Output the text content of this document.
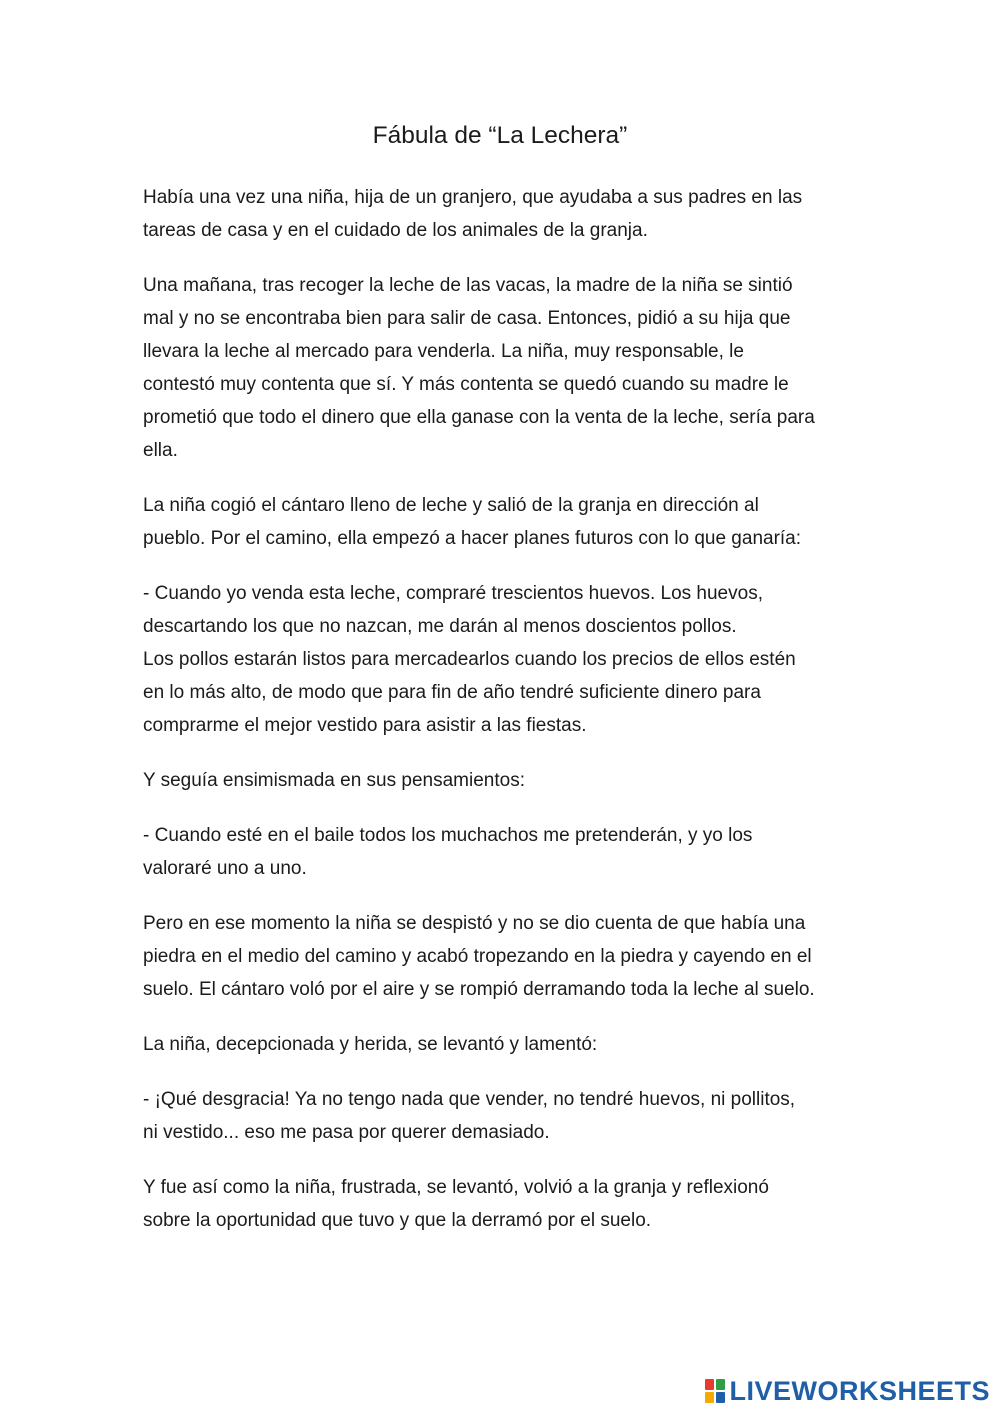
Fábula de “La Lechera”

Había una vez una niña, hija de un granjero, que ayudaba a sus padres en las
tareas de casa y en el cuidado de los animales de la granja.

Una mañana, tras recoger la leche de las vacas, la madre de la niña se sintió
mal y no se encontraba bien para salir de casa. Entonces, pidió a su hija que
llevara la leche al mercado para venderla. La niña, muy responsable, le
contestó muy contenta que sí. Y más contenta se quedó cuando su madre le
prometió que todo el dinero que ella ganase con la venta de la leche, sería para
ella.

La niña cogió el cántaro lleno de leche y salió de la granja en dirección al
pueblo. Por el camino, ella empezó a hacer planes futuros con lo que ganaría:

- Cuando yo venda esta leche, compraré trescientos huevos. Los huevos,
descartando los que no nazcan, me darán al menos doscientos pollos.
Los pollos estarán listos para mercadearlos cuando los precios de ellos estén
en lo más alto, de modo que para fin de año tendré suficiente dinero para
comprarme el mejor vestido para asistir a las fiestas.

Y seguía ensimismada en sus pensamientos:

- Cuando esté en el baile todos los muchachos me pretenderán, y yo los
valoraré uno a uno.

Pero en ese momento la niña se despistó y no se dio cuenta de que había una
piedra en el medio del camino y acabó tropezando en la piedra y cayendo en el
suelo. El cántaro voló por el aire y se rompió derramando toda la leche al suelo.

La niña, decepcionada y herida, se levantó y lamentó:

- ¡Qué desgracia! Ya no tengo nada que vender, no tendré huevos, ni pollitos,
ni vestido... eso me pasa por querer demasiado.

Y fue así como la niña, frustrada, se levantó, volvió a la granja y reflexionó
sobre la oportunidad que tuvo y que la derramó por el suelo.

LIVEWORKSHEETS
